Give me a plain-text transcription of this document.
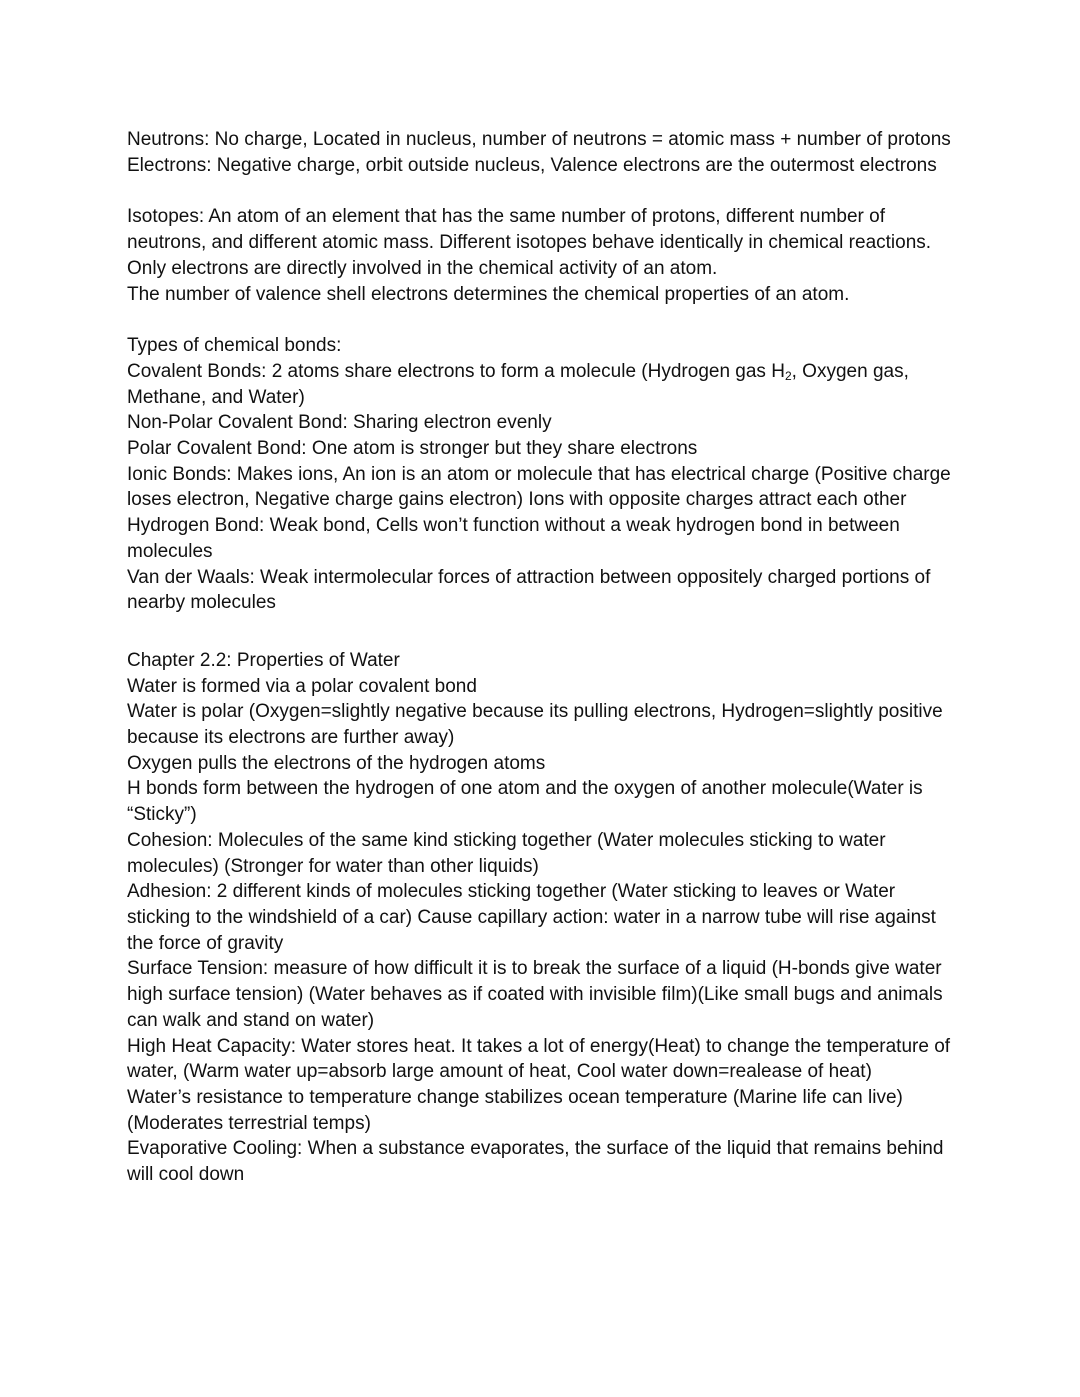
Neutrons: No charge, Located in nucleus, number of neutrons = atomic mass + number of protons

Electrons: Negative charge, orbit outside nucleus, Valence electrons are the outermost electrons

Isotopes: An atom of an element that has the same number of protons, different number of neutrons, and different atomic mass. Different isotopes behave identically in chemical reactions.

Only electrons are directly involved in the chemical activity of an atom.

The number of valence shell electrons determines the chemical properties of an atom.

Types of chemical bonds:

Covalent Bonds: 2 atoms share electrons to form a molecule (Hydrogen gas $H_2$, Oxygen gas, Methane, and Water)

Non-Polar Covalent Bond: Sharing electron evenly

Polar Covalent Bond: One atom is stronger but they share electrons

Ionic Bonds: Makes ions, An ion is an atom or molecule that has electrical charge (Positive charge loses electron, Negative charge gains electron) Ions with opposite charges attract each other

Hydrogen Bond: Weak bond, Cells won’t function without a weak hydrogen bond in between molecules

Van der Waals: Weak intermolecular forces of attraction between oppositely charged portions of nearby molecules

Chapter 2.2: Properties of Water

Water is formed via a polar covalent bond

Water is polar (Oxygen=slightly negative because its pulling electrons, Hydrogen=slightly positive because its electrons are further away)

Oxygen pulls the electrons of the hydrogen atoms

H bonds form between the hydrogen of one atom and the oxygen of another molecule(Water is “Sticky”)

Cohesion: Molecules of the same kind sticking together (Water molecules sticking to water molecules) (Stronger for water than other liquids)

Adhesion: 2 different kinds of molecules sticking together (Water sticking to leaves or Water sticking to the windshield of a car) Cause capillary action: water in a narrow tube will rise against the force of gravity

Surface Tension: measure of how difficult it is to break the surface of a liquid (H-bonds give water high surface tension) (Water behaves as if coated with invisible film)(Like small bugs and animals can walk and stand on water)

High Heat Capacity: Water stores heat. It takes a lot of energy(Heat) to change the temperature of water, (Warm water up=absorb large amount of heat, Cool water down=realease of heat)

Water’s resistance to temperature change stabilizes ocean temperature (Marine life can live) (Moderates terrestrial temps)

Evaporative Cooling: When a substance evaporates, the surface of the liquid that remains behind will cool down
